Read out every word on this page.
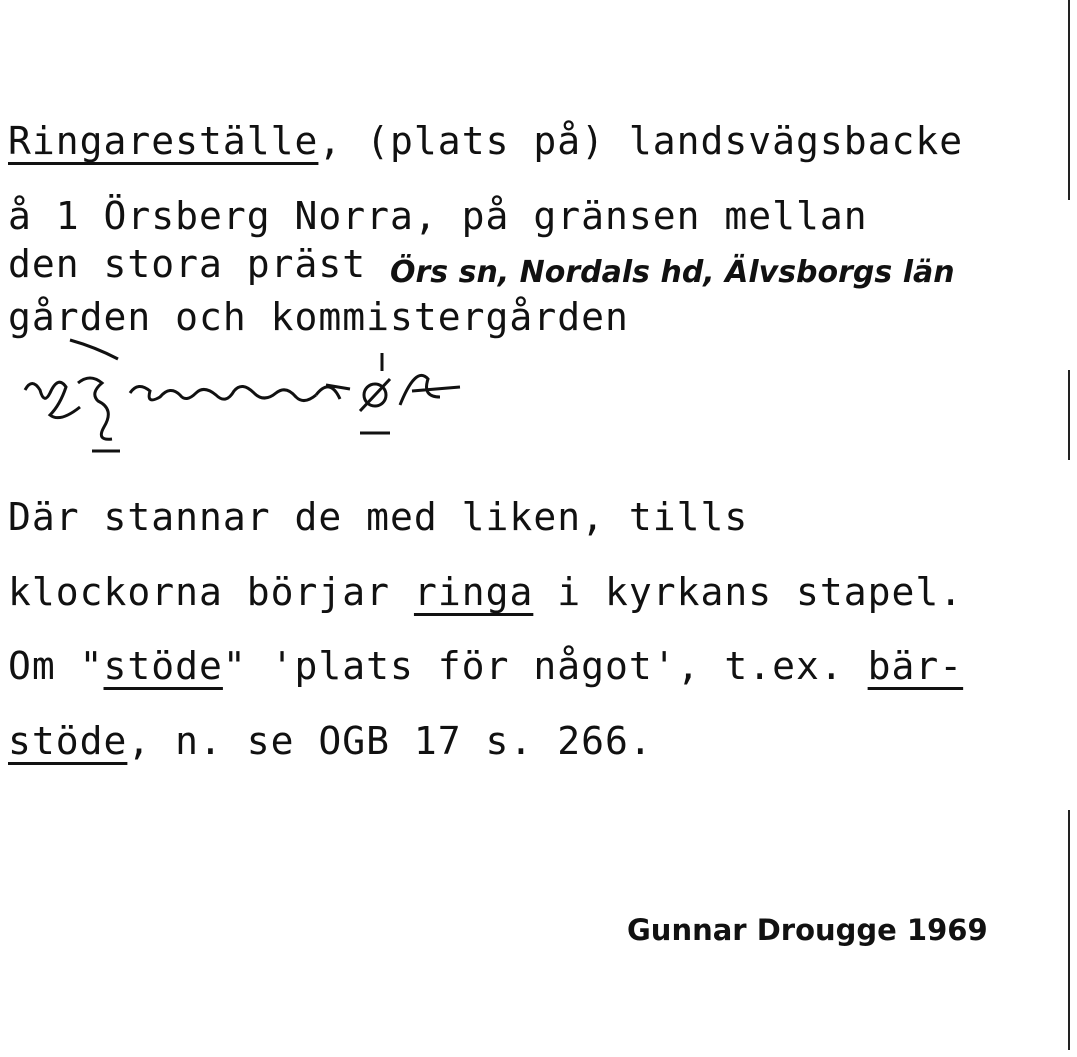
Ringareställe, (plats på) landsvägsbacke
å 1 Örsberg Norra, på gränsen mellan
den stora präst Örs sn, Nordals hd, Älvsborgs län
gården och kommistergården
Där stannar de med liken, tills
klockorna börjar ringa i kyrkans stapel.
Om "stöde" 'plats för något', t.ex. bär-
stöde, n. se OGB 17 s. 266.
Gunnar Drougge 1969
